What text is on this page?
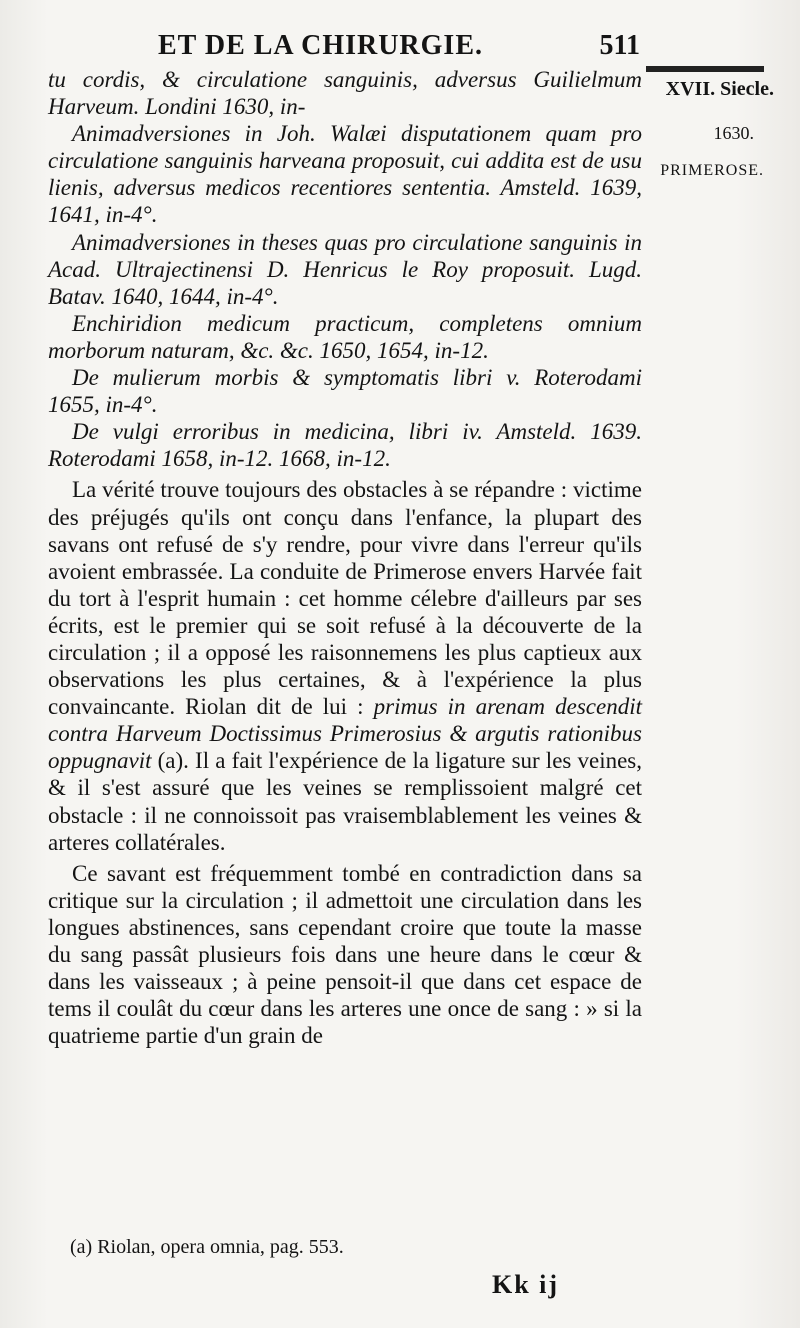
ET DE LA CHIRURGIE.	511
XVII. Siecle.
1630.
PRIMEROSE.

tu cordis, & circulatione sanguinis, adversus Guilielmum Harveum. Londini 1630, in-

Animadversiones in Joh. Walæi disputationem quam pro circulatione sanguinis harveana proposuit, cui addita est de usu lienis, adversus medicos recentiores sententia. Amsteld. 1639, 1641, in-4°.

Animadversiones in theses quas pro circulatione sanguinis in Acad. Ultrajectinensi D. Henricus le Roy proposuit. Lugd. Batav. 1640, 1644, in-4°.

Enchiridion medicum practicum, completens omnium morborum naturam, &c. &c. 1650, 1654, in-12.

De mulierum morbis & symptomatis libri v. Roterodami 1655, in-4°.

De vulgi erroribus in medicina, libri iv. Amsteld. 1639. Roterodami 1658, in-12. 1668, in-12.

La vérité trouve toujours des obstacles à se répandre : victime des préjugés qu'ils ont conçu dans l'enfance, la plupart des savans ont refusé de s'y rendre, pour vivre dans l'erreur qu'ils avoient embrassée. La conduite de Primerose envers Harvée fait du tort à l'esprit humain : cet homme célebre d'ailleurs par ses écrits, est le premier qui se soit refusé à la découverte de la circulation ; il a opposé les raisonnemens les plus captieux aux observations les plus certaines, & à l'expérience la plus convaincante. Riolan dit de lui : primus in arenam descendit contra Harveum Doctissimus Primerosius & argutis rationibus oppugnavit (a). Il a fait l'expérience de la ligature sur les veines, & il s'est assuré que les veines se remplissoient malgré cet obstacle : il ne connoissoit pas vraisemblablement les veines & arteres collatérales.

Ce savant est fréquemment tombé en contradiction dans sa critique sur la circulation ; il admettoit une circulation dans les longues abstinences, sans cependant croire que toute la masse du sang passât plusieurs fois dans une heure dans le cœur & dans les vaisseaux ; à peine pensoit-il que dans cet espace de tems il coulât du cœur dans les arteres une once de sang : » si la quatrieme partie d'un grain de

(a) Riolan, opera omnia, pag. 553.
Kk ij
